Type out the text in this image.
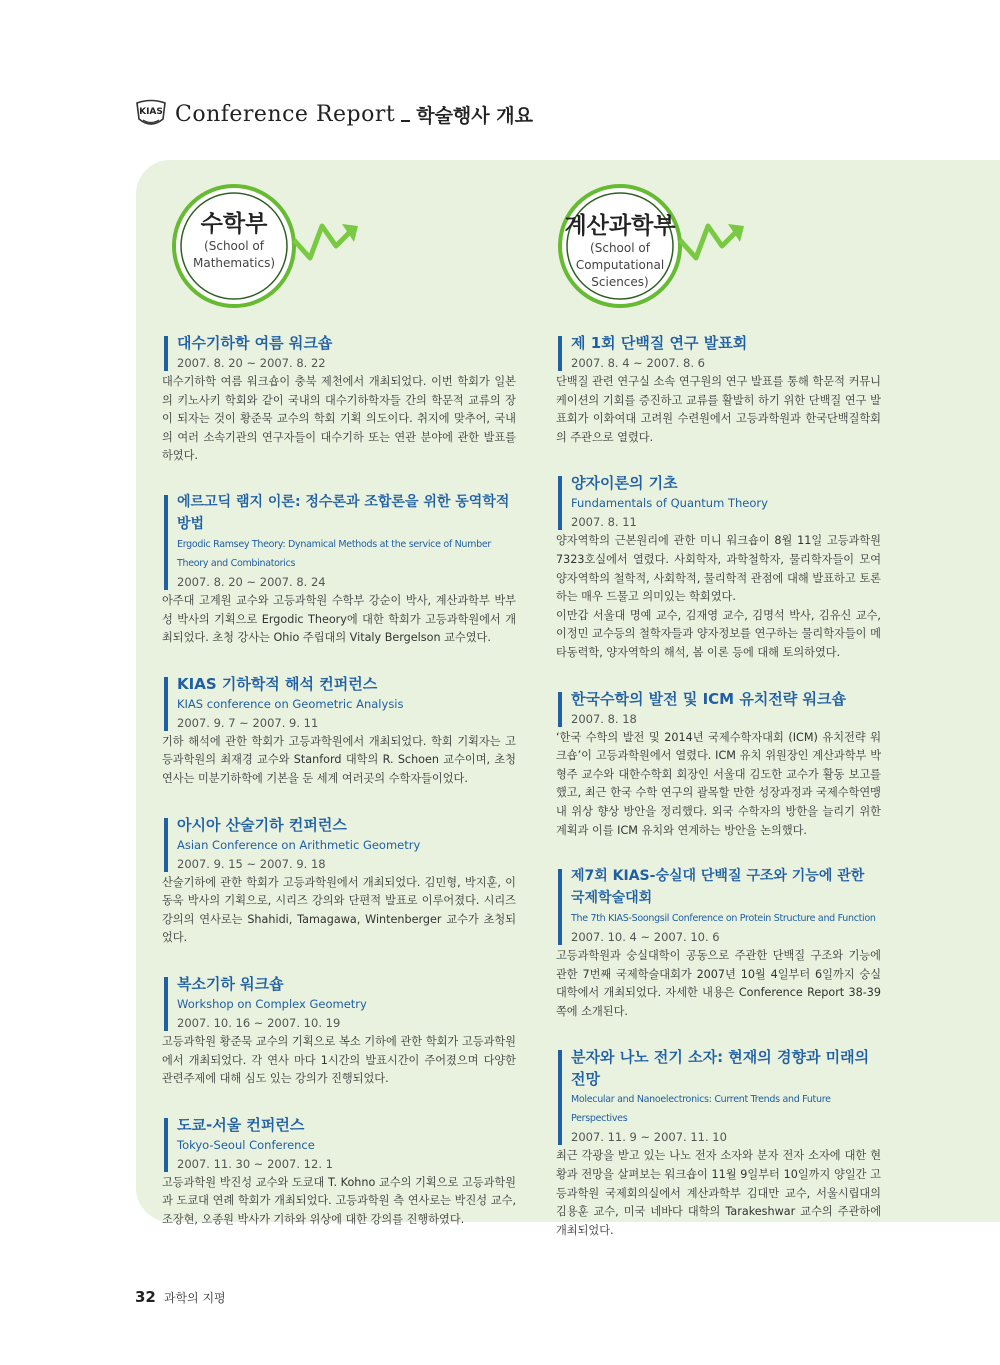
KIAS Conference Report 학술행사 개요
수학부
(School of
Mathematics)
계산과학부
(School of
Computational
Sciences)
대수기하학 여름 워크숍
2007. 8. 20 ~ 2007. 8. 22

대수기하학 여름 워크숍이 충북 제천에서 개최되었다. 이번 학회가 일본의 키노사키 학회와 같이 국내의 대수기하학자들 간의 학문적 교류의 장이 되자는 것이 황준묵 교수의 학회 기획 의도이다. 취지에 맞추어, 국내의 여러 소속기관의 연구자들이 대수기하 또는 연관 분야에 관한 발표를 하였다.

에르고딕 램지 이론: 정수론과 조합론을 위한 동역학적 방법
Ergodic Ramsey Theory: Dynamical Methods at the service of Number Theory and Combinatorics
2007. 8. 20 ~ 2007. 8. 24

아주대 고계원 교수와 고등과학원 수학부 강순이 박사, 계산과학부 박부성 박사의 기획으로 Ergodic Theory에 대한 학회가 고등과학원에서 개최되었다. 초청 강사는 Ohio 주립대의 Vitaly Bergelson 교수였다.

KIAS 기하학적 해석 컨퍼런스
KIAS conference on Geometric Analysis
2007. 9. 7 ~ 2007. 9. 11

기하 해석에 관한 학회가 고등과학원에서 개최되었다. 학회 기획자는 고등과학원의 최재경 교수와 Stanford 대학의 R. Schoen 교수이며, 초청연사는 미분기하학에 기본을 둔 세계 여러곳의 수학자들이었다.

아시아 산술기하 컨퍼런스
Asian Conference on Arithmetic Geometry
2007. 9. 15 ~ 2007. 9. 18

산술기하에 관한 학회가 고등과학원에서 개최되었다. 김민형, 박지훈, 이동욱 박사의 기획으로, 시리즈 강의와 단편적 발표로 이루어졌다. 시리즈 강의의 연사로는 Shahidi, Tamagawa, Wintenberger 교수가 초청되었다.

복소기하 워크숍
Workshop on Complex Geometry
2007. 10. 16 ~ 2007. 10. 19

고등과학원 황준묵 교수의 기획으로 복소 기하에 관한 학회가 고등과학원에서 개최되었다. 각 연사 마다 1시간의 발표시간이 주어졌으며 다양한 관련주제에 대해 심도 있는 강의가 진행되었다.

도쿄-서울 컨퍼런스
Tokyo-Seoul Conference
2007. 11. 30 ~ 2007. 12. 1

고등과학원 박진성 교수와 도쿄대 T. Kohno 교수의 기획으로 고등과학원과 도쿄대 연례 학회가 개최되었다. 고등과학원 측 연사로는 박진성 교수, 조장현, 오종원 박사가 기하와 위상에 대한 강의를 진행하였다.

제 1회 단백질 연구 발표회
2007. 8. 4 ~ 2007. 8. 6

단백질 관련 연구실 소속 연구원의 연구 발표를 통해 학문적 커뮤니케이션의 기회를 증진하고 교류를 활발히 하기 위한 단백질 연구 발표회가 이화여대 고려원 수련원에서 고등과학원과 한국단백질학회의 주관으로 열렸다.

양자이론의 기초
Fundamentals of Quantum Theory
2007. 8. 11

양자역학의 근본원리에 관한 미니 워크숍이 8월 11일 고등과학원 7323호실에서 열렸다. 사회학자, 과학철학자, 물리학자들이 모여 양자역학의 철학적, 사회학적, 물리학적 관점에 대해 발표하고 토론하는 매우 드물고 의미있는 학회였다.

이만갑 서울대 명예 교수, 김재영 교수, 김명석 박사, 김유신 교수, 이정민 교수등의 철학자들과 양자정보를 연구하는 물리학자들이 메타동력학, 양자역학의 해석, 봄 이론 등에 대해 토의하였다.

한국수학의 발전 및 ICM 유치전략 워크숍
2007. 8. 18

‘한국 수학의 발전 및 2014년 국제수학자대회 (ICM) 유치전략 워크숍’이 고등과학원에서 열렸다. ICM 유치 위원장인 계산과학부 박형주 교수와 대한수학회 회장인 서울대 김도한 교수가 활동 보고를 했고, 최근 한국 수학 연구의 괄목할 만한 성장과정과 국제수학연맹 내 위상 향상 방안을 정리했다. 외국 수학자의 방한을 늘리기 위한 계획과 이를 ICM 유치와 연계하는 방안을 논의했다.

제7회 KIAS-숭실대 단백질 구조와 기능에 관한 국제학술대회
The 7th KIAS-Soongsil Conference on Protein Structure and Function
2007. 10. 4 ~ 2007. 10. 6

고등과학원과 숭실대학이 공동으로 주관한 단백질 구조와 기능에 관한 7번째 국제학술대회가 2007년 10월 4일부터 6일까지 숭실대학에서 개최되었다. 자세한 내용은 Conference Report 38-39쪽에 소개된다.

분자와 나노 전기 소자: 현재의 경향과 미래의 전망
Molecular and Nanoelectronics: Current Trends and Future Perspectives
2007. 11. 9 ~ 2007. 11. 10

최근 각광을 받고 있는 나노 전자 소자와 분자 전자 소자에 대한 현황과 전망을 살펴보는 워크숍이 11월 9일부터 10일까지 양일간 고등과학원 국제회의실에서 계산과학부 김대만 교수, 서울시립대의 김용훈 교수, 미국 네바다 대학의 Tarakeshwar 교수의 주관하에 개최되었다.

32 과학의 지평
